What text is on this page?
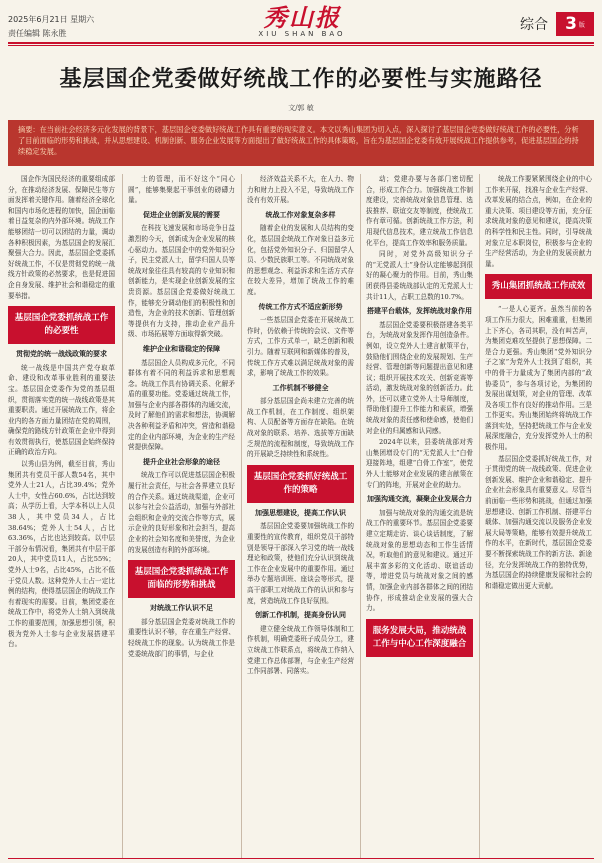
2025年6月21日 星期六
责任编辑 陈永胜
秀山报
XIU SHAN BAO
综合 3 版
基层国企党委做好统战工作的必要性与实施路径
文/郭 敏
摘要：在当前社会经济多元化发展的背景下，基层国企党委做好统战工作具有重要的现实意义。本文以秀山集团为切入点，深入探讨了基层国企党委做好统战工作的必要性，分析了目前面临的形势和挑战，并从思想建设、机制创新、服务企业发展等方面提出了做好统战工作的具体策略，旨在为基层国企党委有效开展统战工作提供参考，促进基层国企的持续稳定发展。

国企作为国民经济的重要组成部分，在推动经济发展、保障民生等方面发挥着关键作用。随着经济全球化和国内市场化进程的加快，国企面临着日益复杂的内外部环境。统战工作能够团结一切可以团结的力量，调动各种积极因素，为基层国企的发展汇聚强大合力。因此，基层国企党委抓好统战工作，不仅是贯彻党的统一战线方针政策的必然要求，也是促进国企自身发展、维护社会和谐稳定的重要举措。

基层国企党委抓统战工作的必要性
贯彻党的统一战线政策的要求

统一战线是中国共产党夺取革命、建设和改革事业胜利的重要法宝。基层国企党委作为党的基层组织，贯彻落实党的统一战线政策是其重要职责。通过开展统战工作，将企业内的各方面力量团结在党的周围，确保党的路线方针政策在企业中得到有效贯彻执行，使基层国企始终保持正确的政治方向。

以秀山县为例，截至目前，秀山集团共有党员干部人数54名，其中党外人士21人，占比39.4%；党外人士中，女性占60.6%，占比达到较高；从学历上看，大学本科以上人员38人，其中党员34人，占比38.64%；党外人士54人，占比63.36%，占比也达到较高。以中层干部分布情况看，集团共有中层干部20人，其中党员11人，占比55%；党外人士9名，占比45%，占比不低于党员人数。这种党外人士占一定比例的结构，使得基层国企的统战工作有着现实的需要。目前，集团党委在统战工作中，将党外人士纳入到统战工作的重要范围，加强思想引领，积极为党外人士参与企业发展搭建平台。

士的管理，而不好这个“同心圆”，能够集聚起干事创业的磅礴力量。

促进企业创新发展的需要

在科技飞速发展和市场竞争日益激烈的今天，创新成为企业发展的核心驱动力。基层国企中的党外知识分子，民主党派人士，留学归国人员等统战对象往往具有较高的专业知识和创新能力，是实现企业创新发展的宝贵资源。基层国企党委做好统战工作，能够充分调动他们的积极性和创造性，为企业的技术创新、管理创新等提供有力支持，推动企业产品升级、市场拓展等方面取得新突破。

维护企业和谐稳定的保障

基层国企人员构成多元化，不同群体有着不同的利益诉求和思想观念。统战工作具有协调关系、化解矛盾的重要功能。党委通过统战工作，加强与企业内部各群体的沟通交流，及时了解他们的需求和想法，协调解决各种利益矛盾和冲突，营造和谐稳定的企业内部环境，为企业的生产经营提供保障。

提升企业社会形象的途径

统战工作可以促进基层国企积极履行社会责任，与社会各界建立良好的合作关系。通过统战渠道，企业可以参与社会公益活动，加强与外部社会组织和企业的交流合作等方式，展示企业的良好形象和社会担当，提高企业的社会知名度和美誉度，为企业的发展创造有利的外部环境。

基层国企党委抓统战工作面临的形势和挑战
对统战工作认识不足

部分基层国企党委对统战工作的重要性认识不够，存在重生产经营、轻统战工作的现象。认为统战工作是党委统战部门的事情，与企业

经济效益关系不大，在人力、物力和财力上投入不足，导致统战工作没有有效开展。

统战工作对象复杂多样

随着企业的发展和人员结构的变化，基层国企统战工作对象日益多元化，包括党外知识分子、归国留学人员、少数民族职工等。不同统战对象的思想观念、利益诉求和生活方式存在较大差异，增加了统战工作的难度。

传统工作方式不适应新形势

一些基层国企党委在开展统战工作时，仍依赖于传统的会议、文件等方式，工作方式单一，缺乏创新和吸引力。随着互联网和新媒体的普及，传统工作方式难以满足统战对象的需求，影响了统战工作的效果。

工作机制不够健全

部分基层国企尚未建立完善的统战工作机制，在工作制度、组织架构、人员配备等方面存在缺陷。在统战对象的联系、培养、选拔等方面缺乏规范的流程和制度，导致统战工作的开展缺乏持续性和系统性。

基层国企党委抓好统战工作的策略
加强思想建设，提高工作认识

基层国企党委要加强统战工作的重要性的宣传教育，组织党员干部特别是领导干部深入学习党的统一战线理论和政策，使他们充分认识到统战工作在企业发展中的重要作用。通过举办专题培训班、座谈会等形式，提高干部职工对统战工作的认识和参与度，营造统战工作良好氛围。

创新工作机制，提高身份认同

建立健全统战工作领导体制和工作机制，明确党委班子成员分工，建立统战工作联系点，将统战工作纳入党建工作总体部署，与企业生产经营工作同部署、同落实。

动；党建办要与各部门密切配合，形成工作合力。加强统战工作制度建设，完善统战对象信息管理、选拔推荐、联谊交友等制度，使统战工作有章可循。创新统战工作方法，利用现代信息技术，建立统战工作信息化平台，提高工作效率和服务质量。

同时，对党外高级知识分子的“无党派人士”身份认定能够起到很好的凝心聚力的作用。目前，秀山集团获得县委统战部认定的无党派人士共计11人，占职工总数的10.7%。

搭建平台载体，发挥统战对象作用

基层国企党委要积极搭建各类平台，为统战对象发挥作用创造条件。例如，设立党外人士建言献策平台，鼓励他们围绕企业的发展规划、生产经营、管理创新等问题提出意见和建议；组织开展技术攻关、创新竞赛等活动，激发统战对象的创新活力。此外，还可以建立党外人士导师制度，帮助他们提升工作能力和素质，增强统战对象的责任感和使命感，使他们对企业的归属感和认同感。

2024年以来，县委统战部对秀山集团增设专门的“无党派人士”白骨迎接阵地，组建“白骨工作室”，使党外人士能够对企业发展的建言献策在专门的阵地，开展对企业的助力。

加强沟通交流，凝聚企业发展合力

加强与统战对象的沟通交流是统战工作的重要环节。基层国企党委要建立定期走访、谈心谈话制度，了解统战对象的思想动态和工作生活情况，听取他们的意见和建议。通过开展丰富多彩的文化活动、联谊活动等，增进党员与统战对象之间的感情，加强企业内部各群体之间的团结协作，形成推动企业发展的强大合力。

服务发展大局，推动统战工作与中心工作深度融合

统战工作要紧紧围绕企业的中心工作来开展，找准与企业生产经营、改革发展的结合点，例如，在企业的重大决策、项目建设等方面，充分征求统战对象的意见和建议，提高决策的科学性和民主性。同时，引导统战对象立足本职岗位，积极参与企业的生产经营活动，为企业的发展贡献力量。

秀山集团抓统战工作成效

“一是人心更齐。虽然当前的各项工作压力很大，困难重重，但集团上下齐心，各司其职，没有叫苦声，为集团克难攻坚提供了思想保障。二是合力更强。秀山集团“党外知识分子之家”为党外人士找到了组织，其中的骨干力量成为了集团内部的“政协委员”，参与各项讨论，为集团的发展出谋划策，对企业的管理、改革及各项工作有良好的推动作用。三是工作更实。秀山集团始终将统战工作落到实处，坚持把统战工作与企业发展深度融合，充分发挥党外人士的积极作用。

基层国企党委抓好统战工作，对于贯彻党的统一战线政策、促进企业创新发展、维护企业和谐稳定、提升企业社会形象具有重要意义。尽管当前面临一些形势和挑战，但通过加强思想建设、创新工作机制、搭建平台载体、加强沟通交流以及服务企业发展大局等策略，能够有效提升统战工作的水平，在新时代，基层国企党委要不断探索统战工作的新方法、新途径，充分发挥统战工作的独特优势，为基层国企的持续健康发展和社会的和谐稳定做出更大贡献。
